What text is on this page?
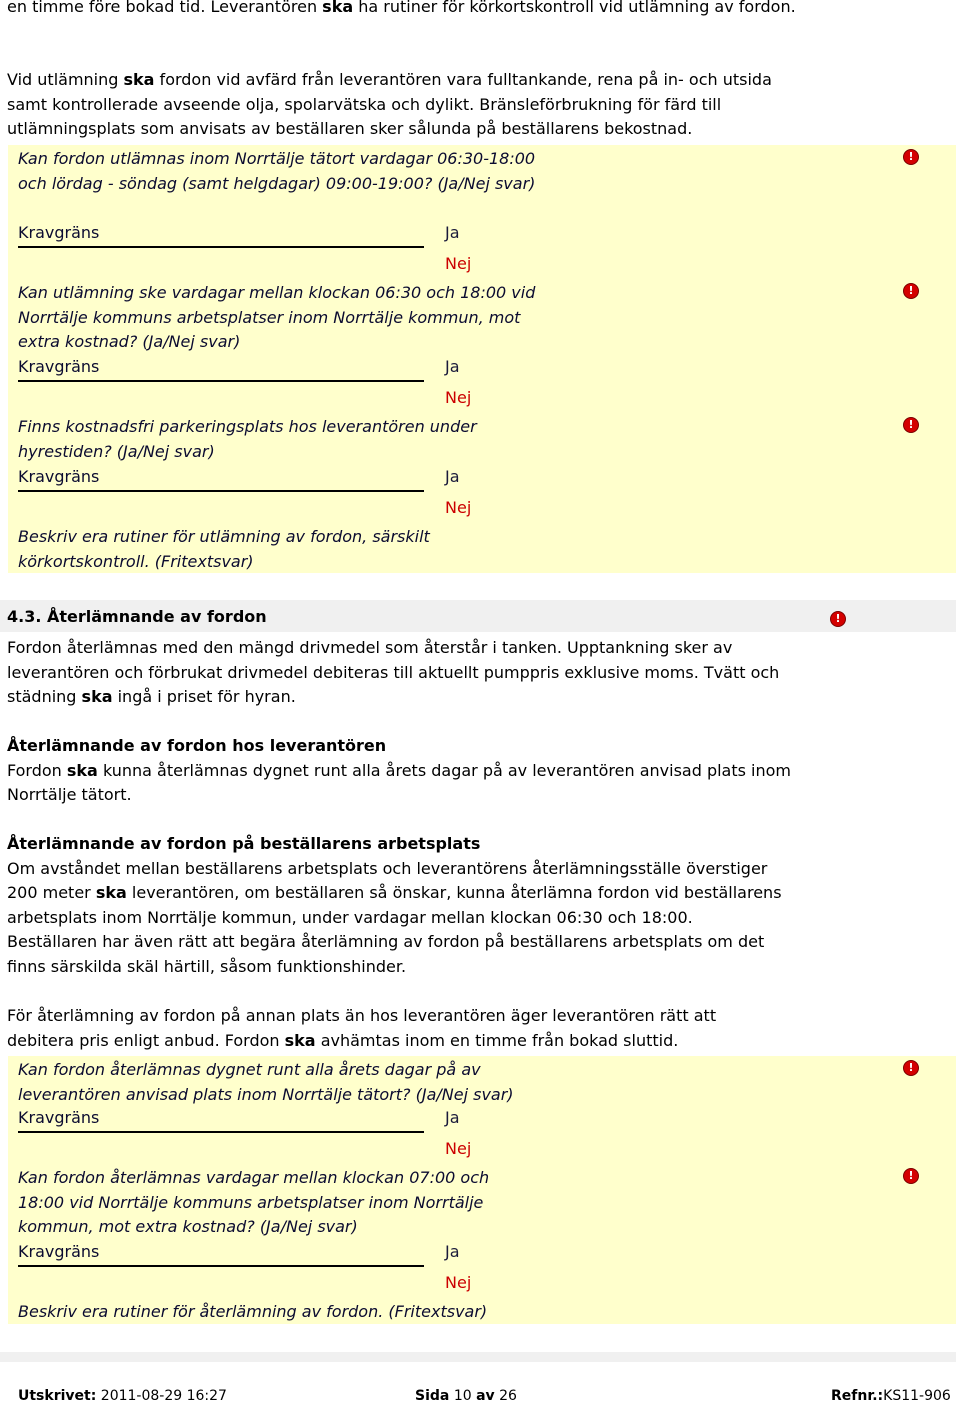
en timme före bokad tid. Leverantören ska ha rutiner för körkortskontroll vid utlämning av fordon.

Vid utlämning ska fordon vid avfärd från leverantören vara fulltankande, rena på in- och utsida samt kontrollerade avseende olja, spolarvätska och dylikt. Bränsleförbrukning för färd till utlämningsplats som anvisats av beställaren sker sålunda på beställarens bekostnad.

Kan fordon utlämnas inom Norrtälje tätort vardagar 06:30-18:00 och lördag - söndag (samt helgdagar) 09:00-19:00? (Ja/Nej svar)
Kravgräns	Ja
Nej
Kan utlämning ske vardagar mellan klockan 06:30 och 18:00 vid Norrtälje kommuns arbetsplatser inom Norrtälje kommun, mot extra kostnad? (Ja/Nej svar)
Kravgräns	Ja
Nej
Finns kostnadsfri parkeringsplats hos leverantören under hyrestiden? (Ja/Nej svar)
Kravgräns	Ja
Nej
Beskriv era rutiner för utlämning av fordon, särskilt körkortskontroll. (Fritextsvar)
!
!
!
4.3. Återlämnande av fordon	!

Fordon återlämnas med den mängd drivmedel som återstår i tanken. Upptankning sker av leverantören och förbrukat drivmedel debiteras till aktuellt pumppris exklusive moms. Tvätt och städning ska ingå i priset för hyran.

Återlämnande av fordon hos leverantören
Fordon ska kunna återlämnas dygnet runt alla årets dagar på av leverantören anvisad plats inom Norrtälje tätort.

Återlämnande av fordon på beställarens arbetsplats
Om avståndet mellan beställarens arbetsplats och leverantörens återlämningsställe överstiger 200 meter ska leverantören, om beställaren så önskar, kunna återlämna fordon vid beställarens arbetsplats inom Norrtälje kommun, under vardagar mellan klockan 06:30 och 18:00. Beställaren har även rätt att begära återlämning av fordon på beställarens arbetsplats om det finns särskilda skäl härtill, såsom funktionshinder.

För återlämning av fordon på annan plats än hos leverantören äger leverantören rätt att debitera pris enligt anbud. Fordon ska avhämtas inom en timme från bokad sluttid.

Kan fordon återlämnas dygnet runt alla årets dagar på av leverantören anvisad plats inom Norrtälje tätort? (Ja/Nej svar)
Kravgräns	Ja
Nej
Kan fordon återlämnas vardagar mellan klockan 07:00 och 18:00 vid Norrtälje kommuns arbetsplatser inom Norrtälje kommun, mot extra kostnad? (Ja/Nej svar)
Kravgräns	Ja
Nej
Beskriv era rutiner för återlämning av fordon. (Fritextsvar)
!
!
Utskrivet: 2011-08-29 16:27	Sida 10 av 26	Refnr.:KS11-906
